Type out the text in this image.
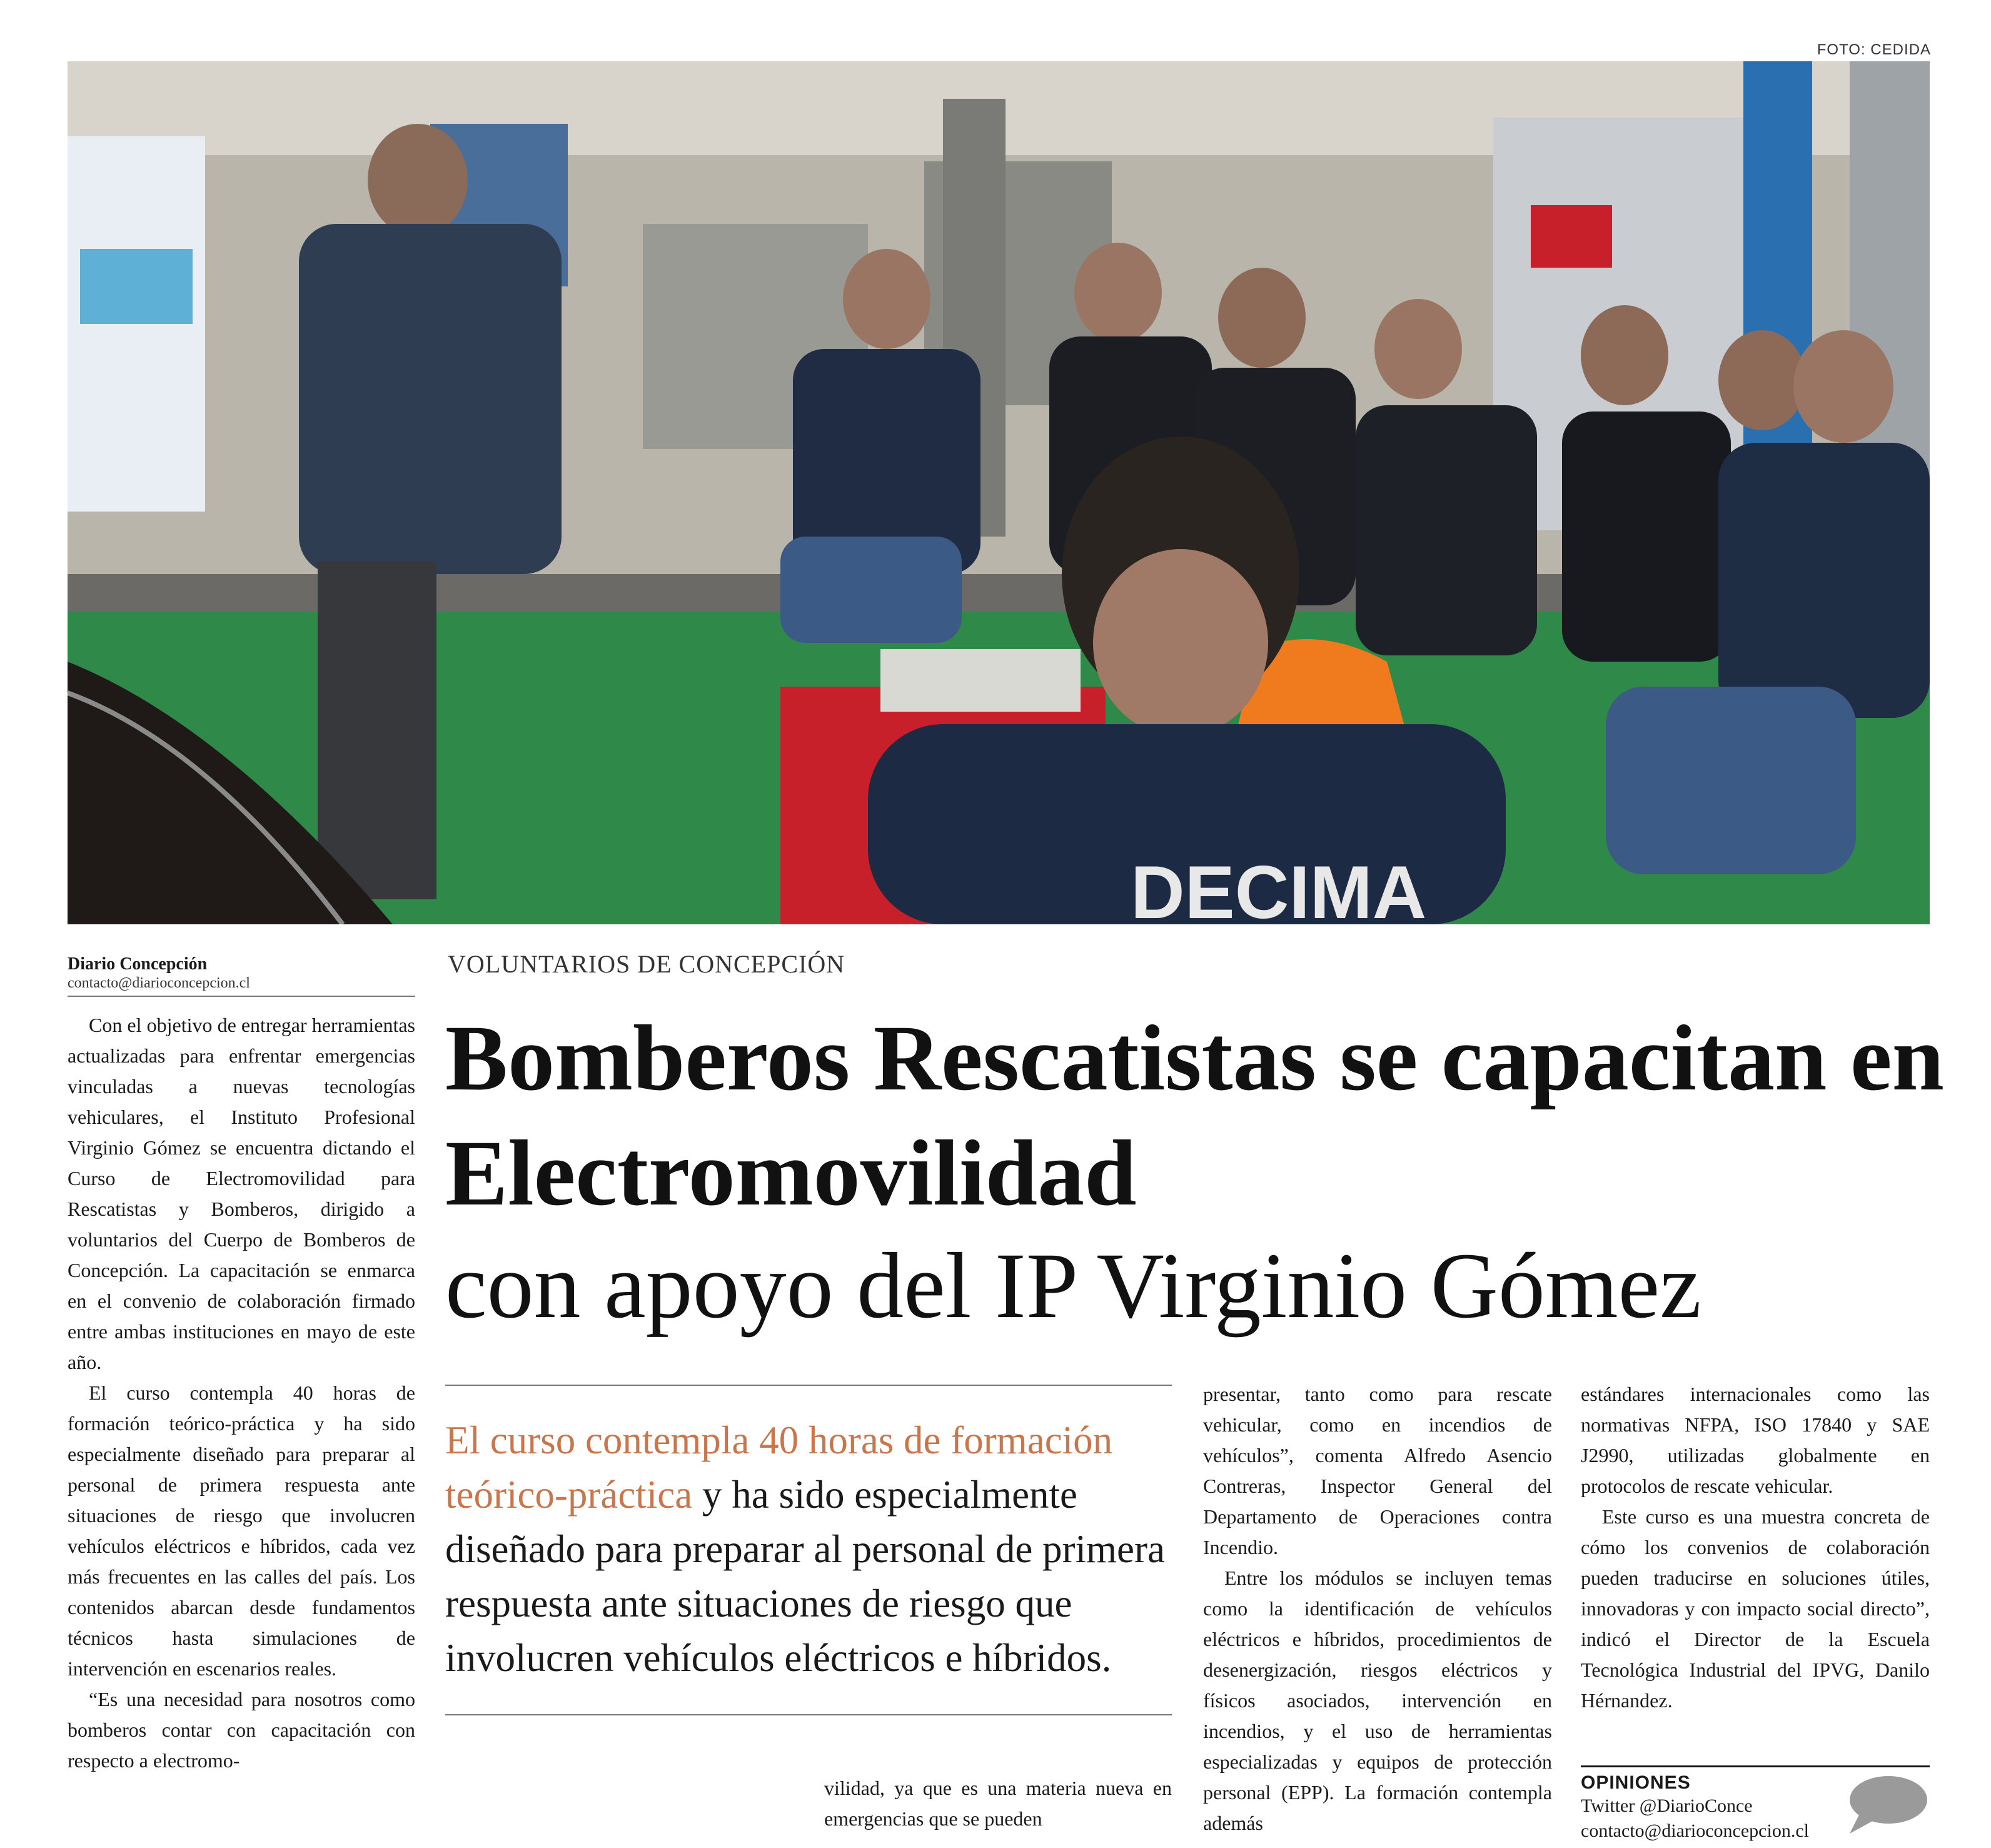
FOTO: CEDIDA
DECIMA
Diario Concepción
contacto@diarioconcepcion.cl
VOLUNTARIOS DE CONCEPCIÓN
Bomberos Rescatistas se capacitan en Electromovilidad
con apoyo del IP Virginio Gómez

Con el objetivo de entregar herramientas actualizadas para enfrentar emergencias vinculadas a nuevas tecnologías vehiculares, el Instituto Profesional Virginio Gómez se encuentra dictando el Curso de Electromovilidad para Rescatistas y Bomberos, dirigido a voluntarios del Cuerpo de Bomberos de Concepción. La capacitación se enmarca en el convenio de colaboración firmado entre ambas instituciones en mayo de este año.

El curso contempla 40 horas de formación teórico-práctica y ha sido especialmente diseñado para preparar al personal de primera respuesta ante situaciones de riesgo que involucren vehículos eléctricos e híbridos, cada vez más frecuentes en las calles del país. Los contenidos abarcan desde fundamentos técnicos hasta simulaciones de intervención en escenarios reales.

“Es una necesidad para nosotros como bomberos contar con capacitación con respecto a electromo-

El curso contempla 40 horas de formación teórico-práctica y ha sido especialmente diseñado para preparar al personal de primera respuesta ante situaciones de riesgo que involucren vehículos eléctricos e híbridos.

vilidad, ya que es una materia nueva en emergencias que se pueden

presentar, tanto como para rescate vehicular, como en incendios de vehículos”, comenta Alfredo Asencio Contreras, Inspector General del Departamento de Operaciones contra Incendio.

Entre los módulos se incluyen temas como la identificación de vehículos eléctricos e híbridos, procedimientos de desenergización, riesgos eléctricos y físicos asociados, intervención en incendios, y el uso de herramientas especializadas y equipos de protección personal (EPP). La formación contempla además

estándares internacionales como las normativas NFPA, ISO 17840 y SAE J2990, utilizadas globalmente en protocolos de rescate vehicular.

Este curso es una muestra concreta de cómo los convenios de colaboración pueden traducirse en soluciones útiles, innovadoras y con impacto social directo”, indicó el Director de la Escuela Tecnológica Industrial del IPVG, Danilo Hérnandez.

OPINIONES
Twitter @DiarioConce
contacto@diarioconcepcion.cl
